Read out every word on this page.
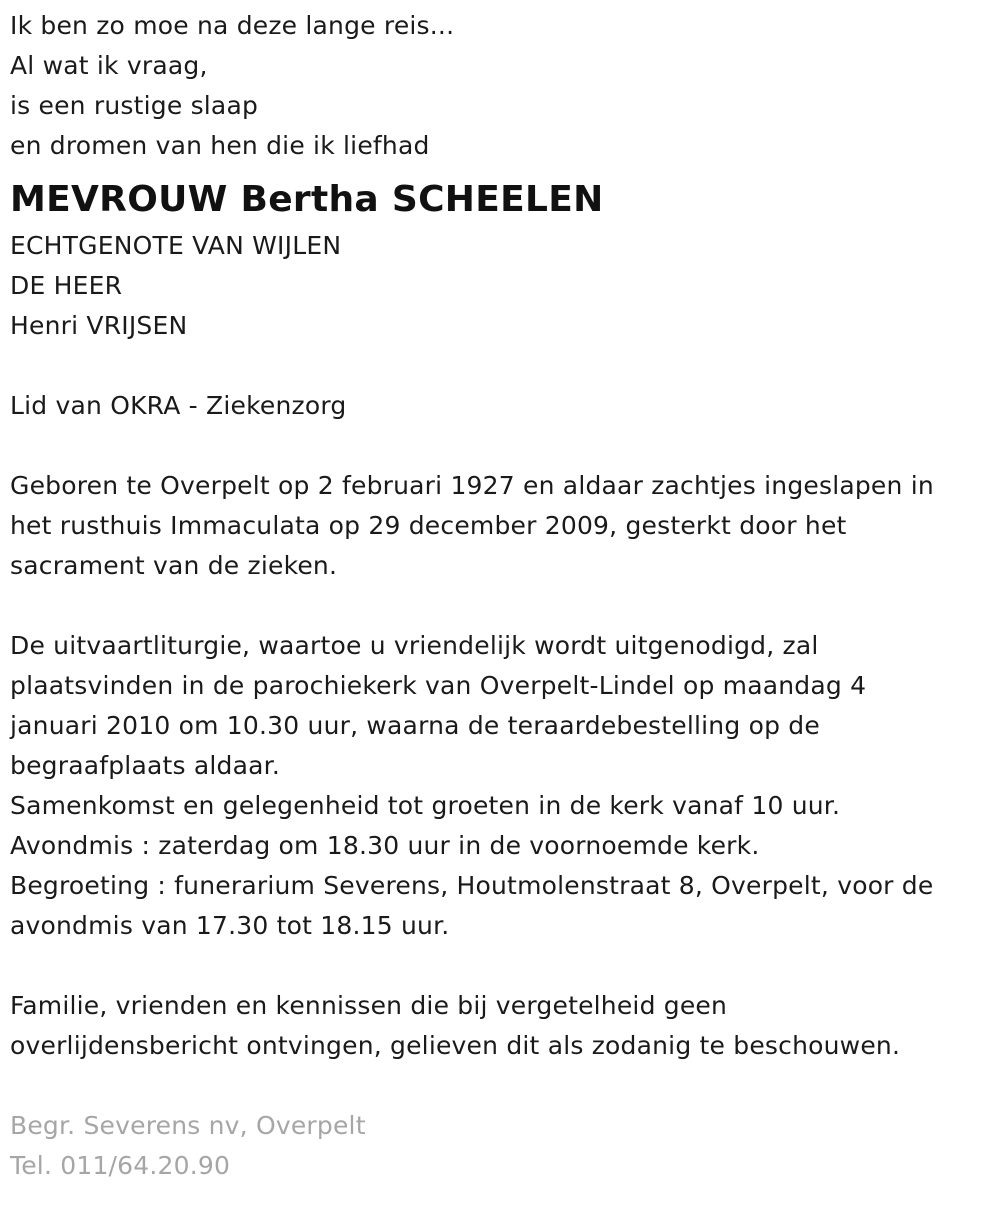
Ik ben zo moe na deze lange reis...
Al wat ik vraag,
is een rustige slaap
en dromen van hen die ik liefhad
MEVROUW Bertha SCHEELEN
ECHTGENOTE VAN WIJLEN
DE HEER
Henri VRIJSEN
Lid van OKRA - Ziekenzorg
Geboren te Overpelt op 2 februari 1927 en aldaar zachtjes ingeslapen in
het rusthuis Immaculata op 29 december 2009, gesterkt door het
sacrament van de zieken.
De uitvaartliturgie, waartoe u vriendelijk wordt uitgenodigd, zal
plaatsvinden in de parochiekerk van Overpelt-Lindel op maandag 4
januari 2010 om 10.30 uur, waarna de teraardebestelling op de
begraafplaats aldaar.
Samenkomst en gelegenheid tot groeten in de kerk vanaf 10 uur.
Avondmis : zaterdag om 18.30 uur in de voornoemde kerk.
Begroeting : funerarium Severens, Houtmolenstraat 8, Overpelt, voor de
avondmis van 17.30 tot 18.15 uur.
Familie, vrienden en kennissen die bij vergetelheid geen
overlijdensbericht ontvingen, gelieven dit als zodanig te beschouwen.
Begr. Severens nv, Overpelt
Tel. 011/64.20.90
